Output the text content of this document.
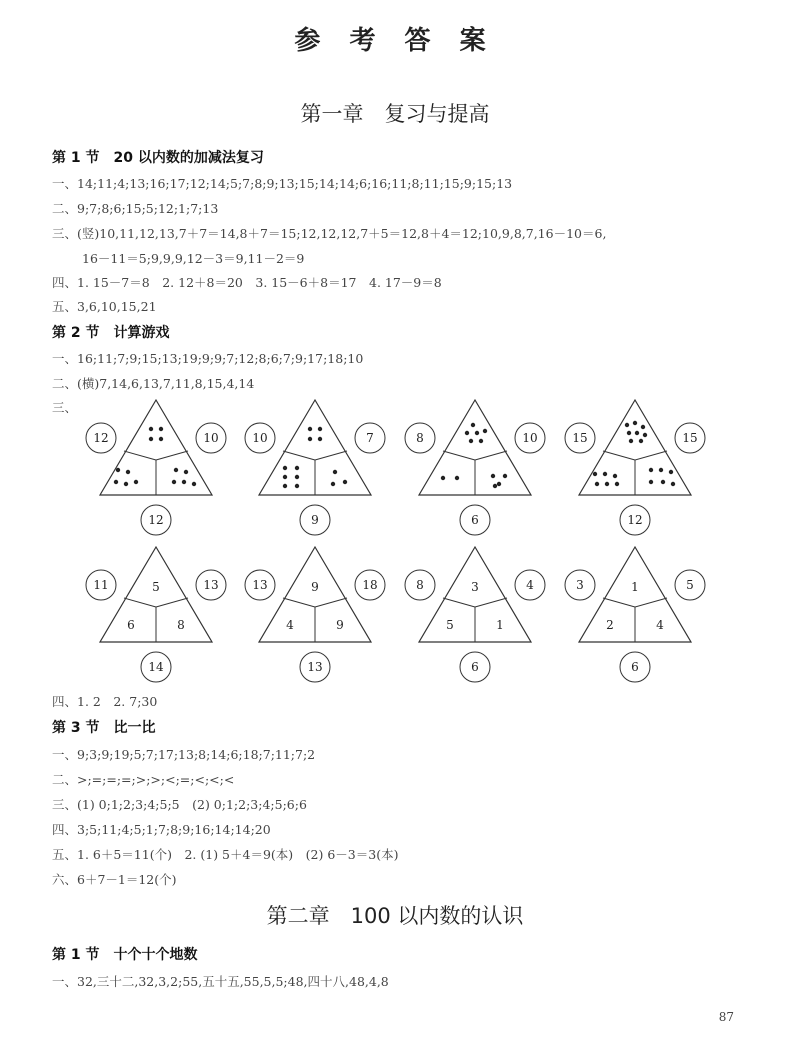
参 考 答 案
第一章　复习与提高
第 1 节　20 以内数的加减法复习
一、14;11;4;13;16;17;12;14;5;7;8;9;13;15;14;14;6;16;11;8;11;15;9;15;13
二、9;7;8;6;15;5;12;1;7;13
三、(竖)10,11,12,13,7＋7＝14,8＋7＝15;12,12,12,7＋5＝12,8＋4＝12;10,9,8,7,16－10＝6,
16－11＝5;9,9,9,12－3＝9,11－2＝9
四、1. 15－7＝8　2. 12＋8＝20　3. 15－6＋8＝17　4. 17－9＝8
五、3,6,10,15,21
第 2 节　计算游戏
一、16;11;7;9;15;13;19;9;9;7;12;8;6;7;9;17;18;10
二、(横)7,14,6,13,7,11,8,15,4,14
三、
12	10
12
10	7
9
8	10
6
15	15
12
11	13
14
5
6	8
13	18
13
9
4	9
8	4
6
3
5	1
3	5
6
1
2	4
四、1. 2　2. 7;30
第 3 节　比一比
一、9;3;9;19;5;7;17;13;8;14;6;18;7;11;7;2
二、>;=;=;=;>;>;<;=;<;<;<
三、(1) 0;1;2;3;4;5;5　(2) 0;1;2;3;4;5;6;6
四、3;5;11;4;5;1;7;8;9;16;14;14;20
五、1. 6＋5＝11(个)　2. (1) 5＋4＝9(本)　(2) 6－3＝3(本)
六、6＋7－1＝12(个)
第二章　100 以内数的认识
第 1 节　十个十个地数
一、32,三十二,32,3,2;55,五十五,55,5,5;48,四十八,48,4,8
87
